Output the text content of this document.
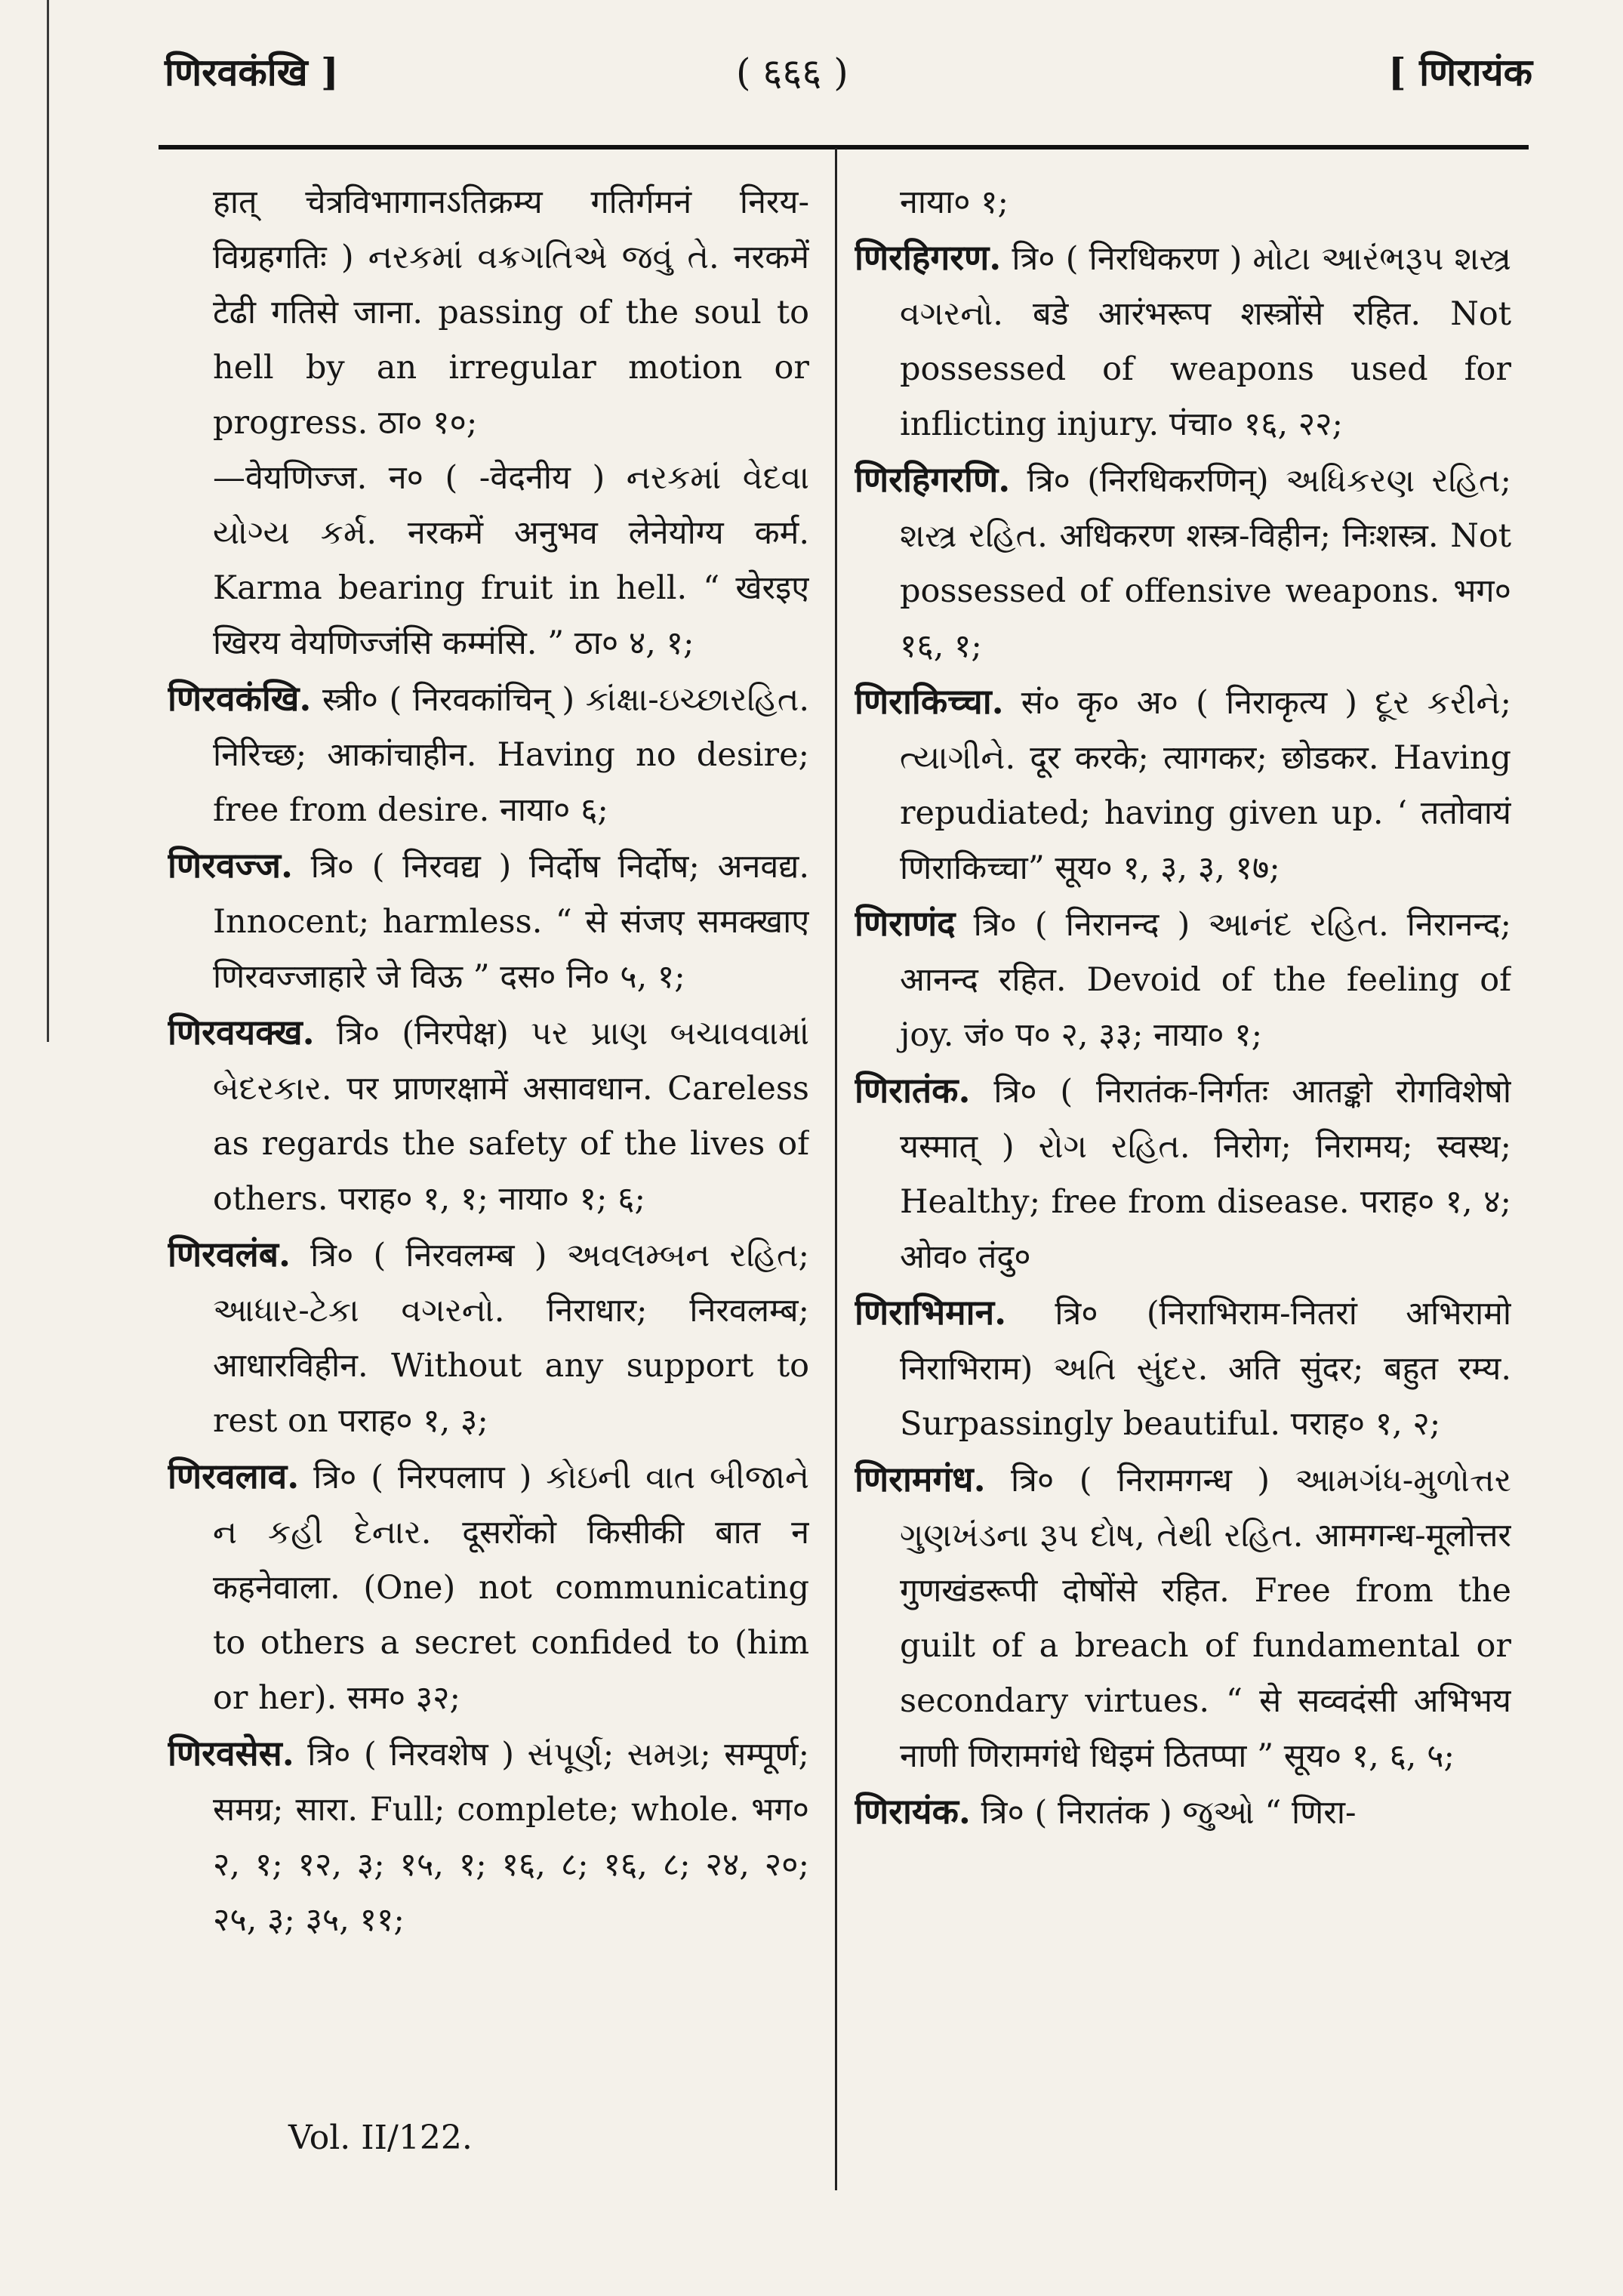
णिरवकंखि ]	( ६६६ )	[ णिरायंक
हात् चेत्रविभागानऽतिक्रम्य गतिर्गमनं निरय-विग्रहगतिः ) નરકમાં વક્રગતિએ જવું તે. नरकमें टेढी गतिसे जाना. passing of the soul to hell by an irregular motion or progress. ठा० १०;
—वेयणिज्ज. न० ( -वेदनीय ) નરકમાં વેદવા યોગ્ય કર્મ. नरकमें अनुभव लेनेयोग्य कर्म. Karma bearing fruit in hell. “ खेरइए खिरय वेयणिज्जंसि कम्मंसि. ” ठा० ४, १;
णिरवकंखि. स्त्री० ( निरवकांचिन् ) કાંક્ષા-ઇચ્છારહિત. निरिच्छ; आकांचाहीन. Having no desire; free from desire. नाया० ६;
णिरवज्ज. त्रि० ( निरवद्य ) निर्दोष निर्दोष; अनवद्य. Innocent; harmless. “ से संजए समक्खाए णिरवज्जाहारे जे विऊ ” दस० नि० ५, १;
णिरवयक्ख. त्रि० (निरपेक्ष) પર પ્રાણ બચાવવામાં બેદરકાર. पर प्राणरक्षामें असावधान. Careless as regards the safety of the lives of others. पराह० १, १; नाया० १; ६;
णिरवलंब. त्रि० ( निरवलम्ब ) અવલમ્બન રહિત; આધાર-ટેકા વગરનો. निराधार; निरवलम्ब; आधारविहीन. Without any support to rest on पराह० १, ३;
णिरवलाव. त्रि० ( निरपलाप ) કોઇની વાત બીજાને ન કહી દેનાર. दूसरोंको किसीकी बात न कहनेवाला. (One) not communicating to others a secret confided to (him or her). सम० ३२;
णिरवसेस. त्रि० ( निरवशेष ) સંપૂર્ણ; સમગ્ર; सम्पूर्ण; समग्र; सारा. Full; complete; whole. भग० २, १; १२, ३; १५, १; १६, ८; १६, ८; २४, २०; २५, ३; ३५, ११;
नाया० १;
णिरहिगरण. त्रि० ( निरधिकरण ) મોટા આરંભરૂપ શસ્ત્ર વગરનો. बडे आरंभरूप शस्त्रोंसे रहित. Not possessed of weapons used for inflicting injury. पंचा० १६, २२;
णिरहिगरणि. त्रि० (निरधिकरणिन्) અધિકરણ રહિત; શસ્ત્ર રહિત. अधिकरण शस्त्र-विहीन; निःशस्त्र. Not possessed of offensive weapons. भग० १६, १;
णिराकिच्चा. सं० कृ० अ० ( निराकृत्य ) દૂર કરીને; ત્યાગીને. दूर करके; त्यागकर; छोडकर. Having repudiated; having given up. ‘ ततोवायं णिराकिच्चा” सूय० १, ३, ३, १७;
णिराणंद त्रि० ( निरानन्द ) આનંદ રહિત. निरानन्द; आनन्द रहित. Devoid of the feeling of joy. जं० प० २, ३३; नाया० १;
णिरातंक. त्रि० ( निरातंक-निर्गतः आतङ्को रोगविशेषो यस्मात् ) રોગ રહિત. निरोग; निरामय; स्वस्थ; Healthy; free from disease. पराह० १, ४; ओव० तंदु०
णिराभिमान. त्रि० (निराभिराम-नितरां अभिरामो निराभिराम) અતિ સુંદર. अति सुंदर; बहुत रम्य. Surpassingly beautiful. पराह० १, २;
णिरामगंध. त्रि० ( निरामगन्ध ) આમગંધ-મુળોત્તર ગુણખંડના રૂપ દોષ, તેથી રહિત. आमगन्ध-मूलोत्तर गुणखंडरूपी दोषोंसे रहित. Free from the guilt of a breach of fundamental or secondary virtues. “ से सव्वदंसी अभिभय नाणी णिरामगंधे धिइमं ठितप्पा ” सूय० १, ६, ५;
णिरायंक. त्रि० ( निरातंक ) જુઓ “ णिरा-
Vol. II/122.
